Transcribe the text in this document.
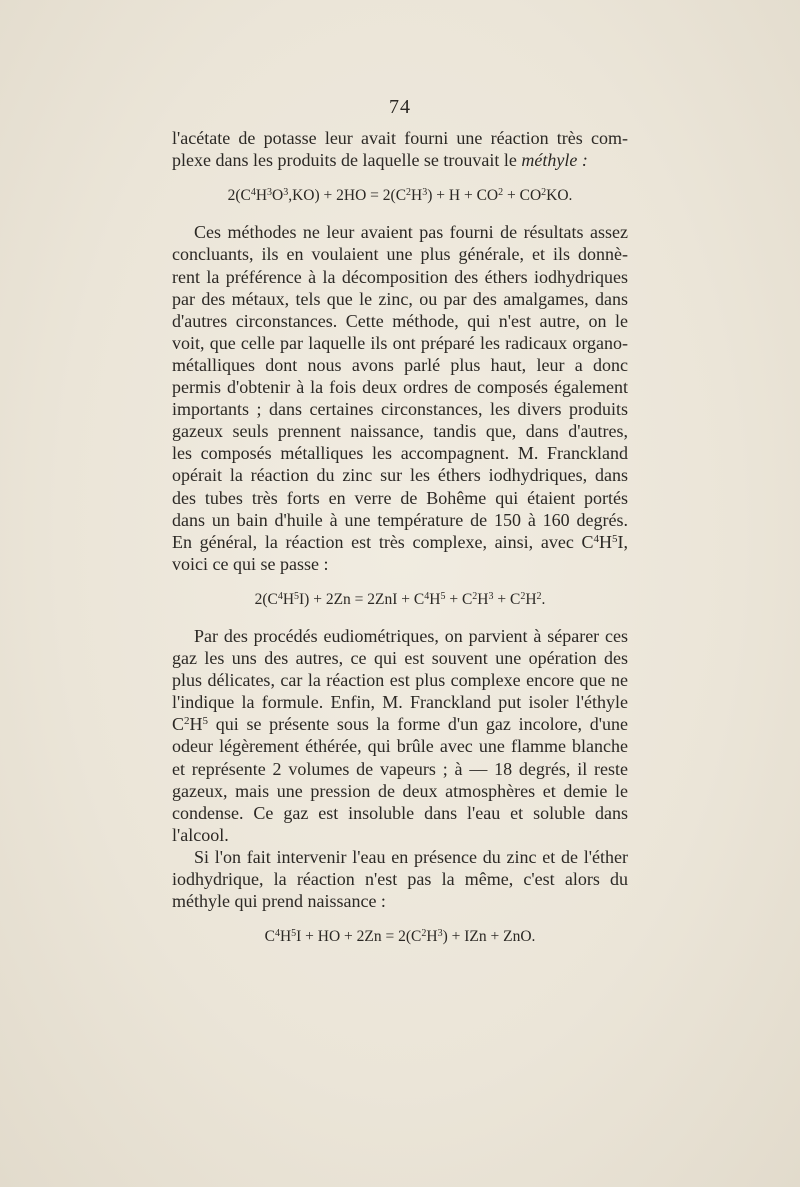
74
l'acétate de potasse leur avait fourni une réaction très com-
plexe dans les produits de laquelle se trouvait le méthyle :
$2(C^4H^3O^3,KO) + 2HO = 2(C^2H^3) + H + CO^2 + CO^2KO$.
Ces méthodes ne leur avaient pas fourni de résultats assez
concluants, ils en voulaient une plus générale, et ils donnè-
rent la préférence à la décomposition des éthers iodhydriques
par des métaux, tels que le zinc, ou par des amalgames, dans
d'autres circonstances. Cette méthode, qui n'est autre, on le
voit, que celle par laquelle ils ont préparé les radicaux organo-
métalliques dont nous avons parlé plus haut, leur a donc
permis d'obtenir à la fois deux ordres de composés également
importants ; dans certaines circonstances, les divers produits
gazeux seuls prennent naissance, tandis que, dans d'autres,
les composés métalliques les accompagnent. M. Franckland
opérait la réaction du zinc sur les éthers iodhydriques, dans
des tubes très forts en verre de Bohême qui étaient portés
dans un bain d'huile à une température de 150 à 160 degrés.
En général, la réaction est très complexe, ainsi, avec $C^4H^5I$,
voici ce qui se passe :
$2(C^4H^5I) + 2Zn = 2ZnI + C^4H^5 + C^2H^3 + C^2H^2$.
Par des procédés eudiométriques, on parvient à séparer ces
gaz les uns des autres, ce qui est souvent une opération des
plus délicates, car la réaction est plus complexe encore que ne
l'indique la formule. Enfin, M. Franckland put isoler l'éthyle
$C^2H^5$ qui se présente sous la forme d'un gaz incolore, d'une
odeur légèrement éthérée, qui brûle avec une flamme blanche
et représente 2 volumes de vapeurs ; à — 18 degrés, il reste
gazeux, mais une pression de deux atmosphères et demie le
condense. Ce gaz est insoluble dans l'eau et soluble dans
l'alcool.
Si l'on fait intervenir l'eau en présence du zinc et de l'éther
iodhydrique, la réaction n'est pas la même, c'est alors du
méthyle qui prend naissance :
$C^4H^5I$ + HO + $2Zn = 2(C^2H^3)$ + IZn + ZnO.
